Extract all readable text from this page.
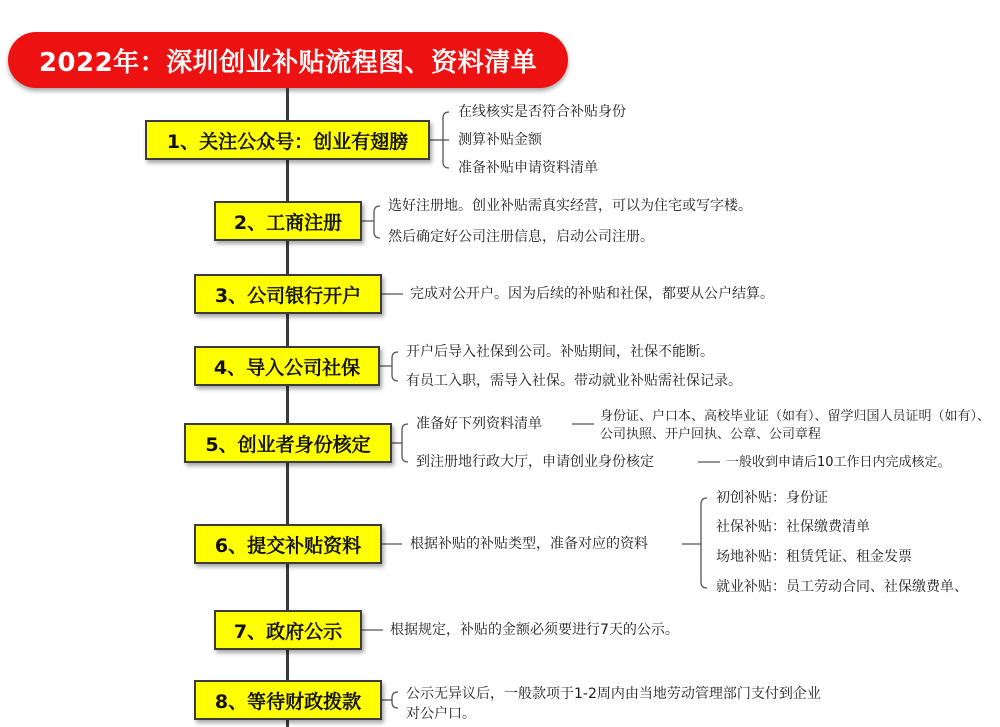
2022年：深圳创业补贴流程图、资料清单
1、关注公众号：创业有翅膀
2、工商注册
3、公司银行开户
4、导入公司社保
5、创业者身份核定
6、提交补贴资料
7、政府公示
8、等待财政拨款
在线核实是否符合补贴身份
测算补贴金额
准备补贴申请资料清单
选好注册地。创业补贴需真实经营，可以为住宅或写字楼。
然后确定好公司注册信息，启动公司注册。
完成对公开户。因为后续的补贴和社保，都要从公户结算。
开户后导入社保到公司。补贴期间，社保不能断。
有员工入职，需导入社保。带动就业补贴需社保记录。
准备好下列资料清单
到注册地行政大厅，申请创业身份核定
身份证、户口本、高校毕业证（如有）、留学归国人员证明（如有）、公司执照、开户回执、公章、公司章程
一般收到申请后10工作日内完成核定。
根据补贴的补贴类型，准备对应的资料
初创补贴：身份证
社保补贴：社保缴费清单
场地补贴：租赁凭证、租金发票
就业补贴：员工劳动合同、社保缴费单、
根据规定，补贴的金额必须要进行7天的公示。
公示无异议后，一般款项于1-2周内由当地劳动管理部门支付到企业对公户口。
